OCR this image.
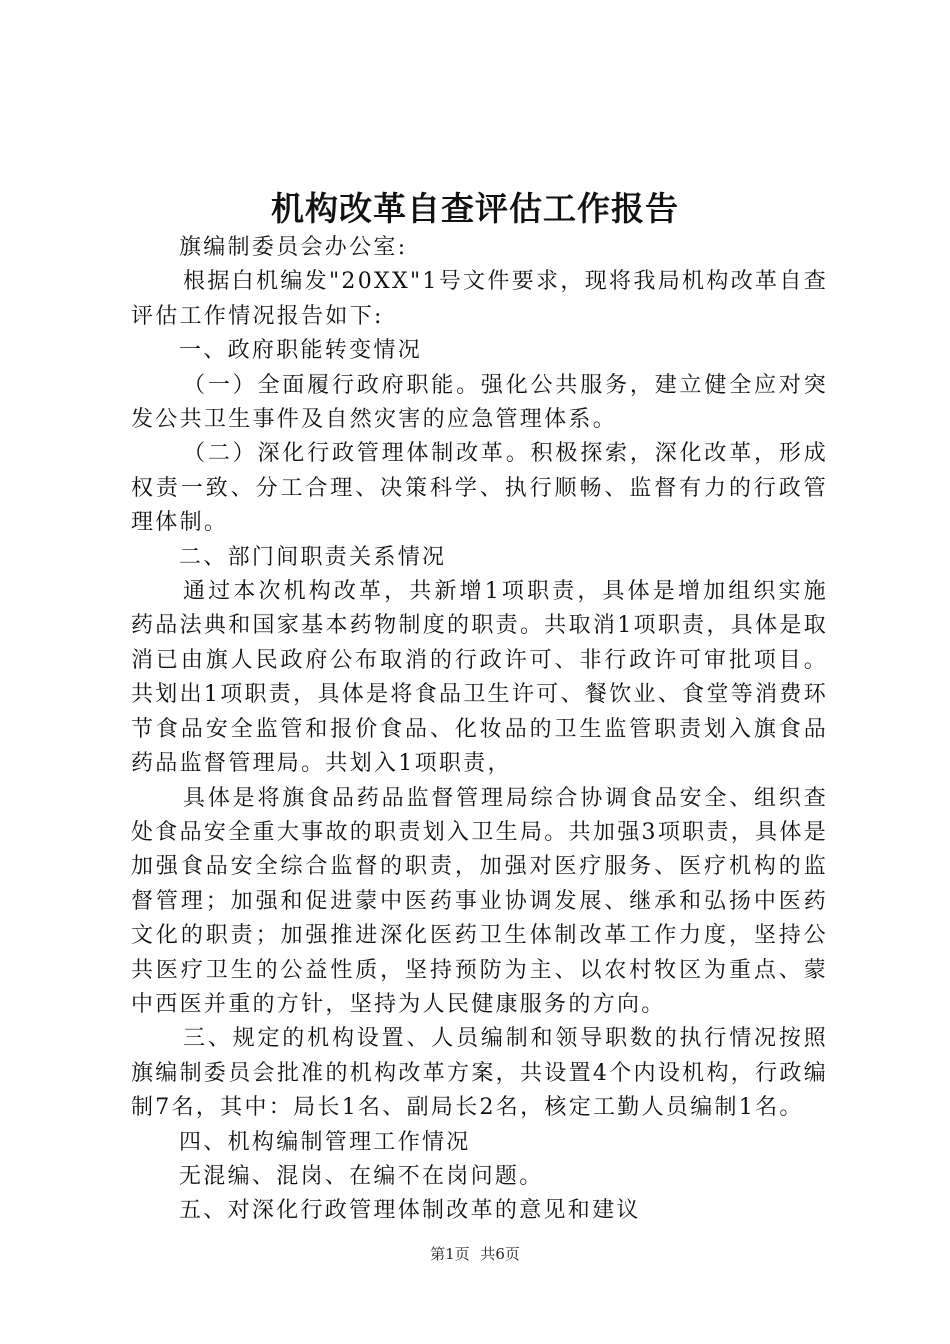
机构改革自查评估工作报告

旗编制委员会办公室:

根据白机编发"20XX"1号文件要求，现将我局机构改革自查评估工作情况报告如下:

一、政府职能转变情况

（一）全面履行政府职能。强化公共服务，建立健全应对突发公共卫生事件及自然灾害的应急管理体系。

（二）深化行政管理体制改革。积极探索，深化改革，形成权责一致、分工合理、决策科学、执行顺畅、监督有力的行政管理体制。

二、部门间职责关系情况

通过本次机构改革，共新增1项职责，具体是增加组织实施药品法典和国家基本药物制度的职责。共取消1项职责，具体是取消已由旗人民政府公布取消的行政许可、非行政许可审批项目。共划出1项职责，具体是将食品卫生许可、餐饮业、食堂等消费环节食品安全监管和报价食品、化妆品的卫生监管职责划入旗食品药品监督管理局。共划入1项职责，

具体是将旗食品药品监督管理局综合协调食品安全、组织查处食品安全重大事故的职责划入卫生局。共加强3项职责，具体是加强食品安全综合监督的职责，加强对医疗服务、医疗机构的监督管理；加强和促进蒙中医药事业协调发展、继承和弘扬中医药文化的职责；加强推进深化医药卫生体制改革工作力度，坚持公共医疗卫生的公益性质，坚持预防为主、以农村牧区为重点、蒙中西医并重的方针，坚持为人民健康服务的方向。

三、规定的机构设置、人员编制和领导职数的执行情况按照旗编制委员会批准的机构改革方案，共设置4个内设机构，行政编制7名，其中：局长1名、副局长2名，核定工勤人员编制1名。

四、机构编制管理工作情况

无混编、混岗、在编不在岗问题。

五、对深化行政管理体制改革的意见和建议

第1页 共6页
